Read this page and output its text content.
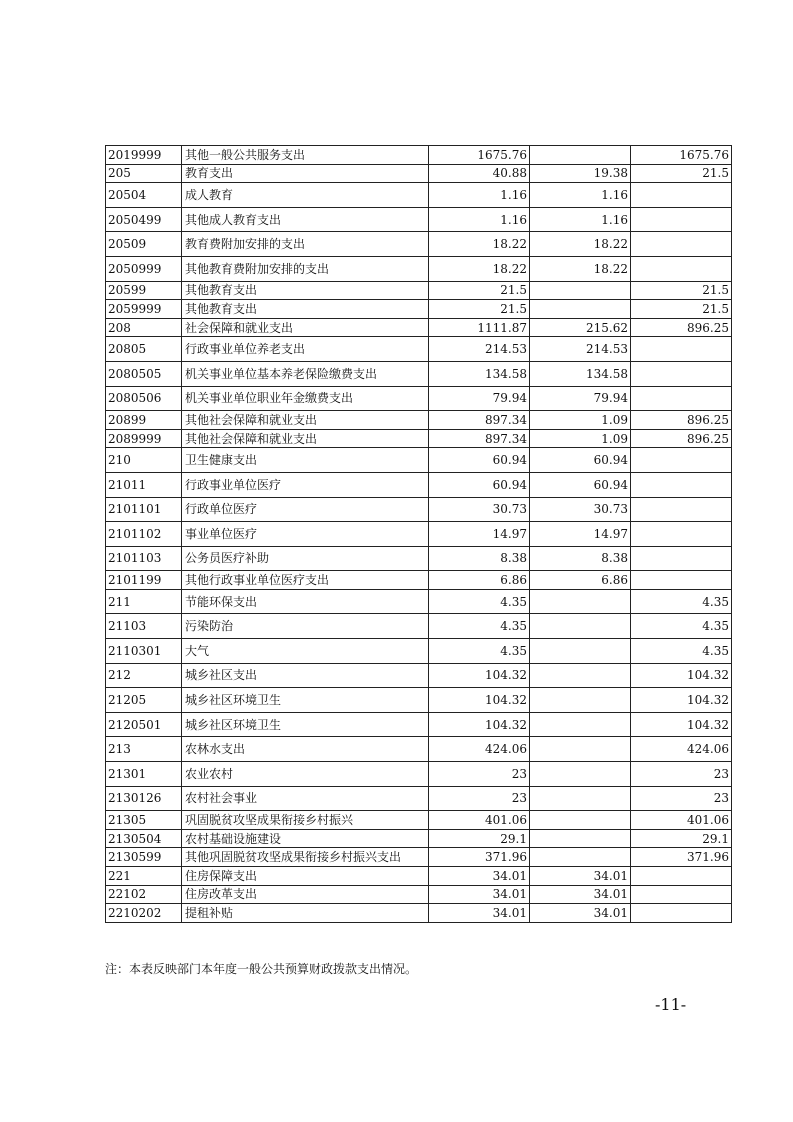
2019999	其他一般公共服务支出	1675.76		1675.76
205	教育支出	40.88	19.38	21.5
20504	成人教育	1.16	1.16	
2050499	其他成人教育支出	1.16	1.16	
20509	教育费附加安排的支出	18.22	18.22	
2050999	其他教育费附加安排的支出	18.22	18.22	
20599	其他教育支出	21.5		21.5
2059999	其他教育支出	21.5		21.5
208	社会保障和就业支出	1111.87	215.62	896.25
20805	行政事业单位养老支出	214.53	214.53	
2080505	机关事业单位基本养老保险缴费支出	134.58	134.58	
2080506	机关事业单位职业年金缴费支出	79.94	79.94	
20899	其他社会保障和就业支出	897.34	1.09	896.25
2089999	其他社会保障和就业支出	897.34	1.09	896.25
210	卫生健康支出	60.94	60.94	
21011	行政事业单位医疗	60.94	60.94	
2101101	行政单位医疗	30.73	30.73	
2101102	事业单位医疗	14.97	14.97	
2101103	公务员医疗补助	8.38	8.38	
2101199	其他行政事业单位医疗支出	6.86	6.86	
211	节能环保支出	4.35		4.35
21103	污染防治	4.35		4.35
2110301	大气	4.35		4.35
212	城乡社区支出	104.32		104.32
21205	城乡社区环境卫生	104.32		104.32
2120501	城乡社区环境卫生	104.32		104.32
213	农林水支出	424.06		424.06
21301	农业农村	23		23
2130126	农村社会事业	23		23
21305	巩固脱贫攻坚成果衔接乡村振兴	401.06		401.06
2130504	农村基础设施建设	29.1		29.1
2130599	其他巩固脱贫攻坚成果衔接乡村振兴支出	371.96		371.96
221	住房保障支出	34.01	34.01	
22102	住房改革支出	34.01	34.01	
2210202	提租补贴	34.01	34.01	
注：本表反映部门本年度一般公共预算财政拨款支出情况。
-11-
